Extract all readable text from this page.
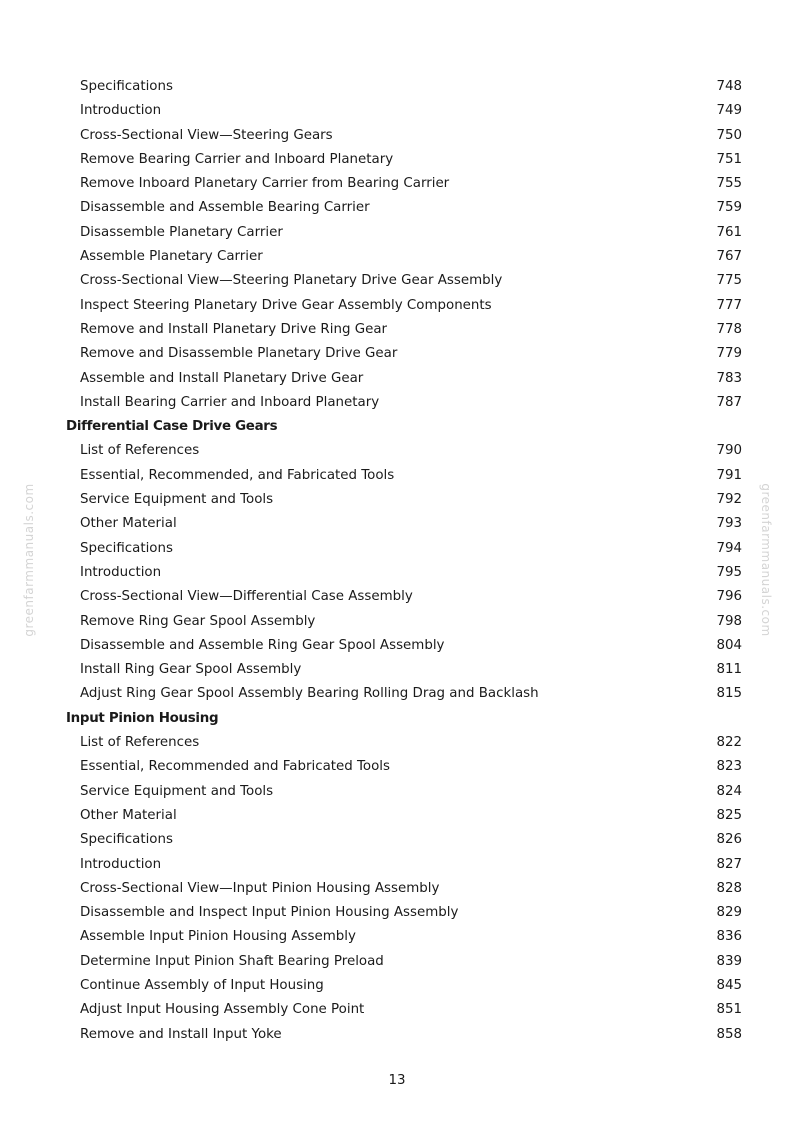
greenfarmmanuals.com	greenfarmmanuals.com
Specifications	748
Introduction	749
Cross-Sectional View—Steering Gears	750
Remove Bearing Carrier and Inboard Planetary	751
Remove Inboard Planetary Carrier from Bearing Carrier	755
Disassemble and Assemble Bearing Carrier	759
Disassemble Planetary Carrier	761
Assemble Planetary Carrier	767
Cross-Sectional View—Steering Planetary Drive Gear Assembly	775
Inspect Steering Planetary Drive Gear Assembly Components	777
Remove and Install Planetary Drive Ring Gear	778
Remove and Disassemble Planetary Drive Gear	779
Assemble and Install Planetary Drive Gear	783
Install Bearing Carrier and Inboard Planetary	787
Differential Case Drive Gears
List of References	790
Essential, Recommended, and Fabricated Tools	791
Service Equipment and Tools	792
Other Material	793
Specifications	794
Introduction	795
Cross-Sectional View—Differential Case Assembly	796
Remove Ring Gear Spool Assembly	798
Disassemble and Assemble Ring Gear Spool Assembly	804
Install Ring Gear Spool Assembly	811
Adjust Ring Gear Spool Assembly Bearing Rolling Drag and Backlash	815
Input Pinion Housing
List of References	822
Essential, Recommended and Fabricated Tools	823
Service Equipment and Tools	824
Other Material	825
Specifications	826
Introduction	827
Cross-Sectional View—Input Pinion Housing Assembly	828
Disassemble and Inspect Input Pinion Housing Assembly	829
Assemble Input Pinion Housing Assembly	836
Determine Input Pinion Shaft Bearing Preload	839
Continue Assembly of Input Housing	845
Adjust Input Housing Assembly Cone Point	851
Remove and Install Input Yoke	858
13
